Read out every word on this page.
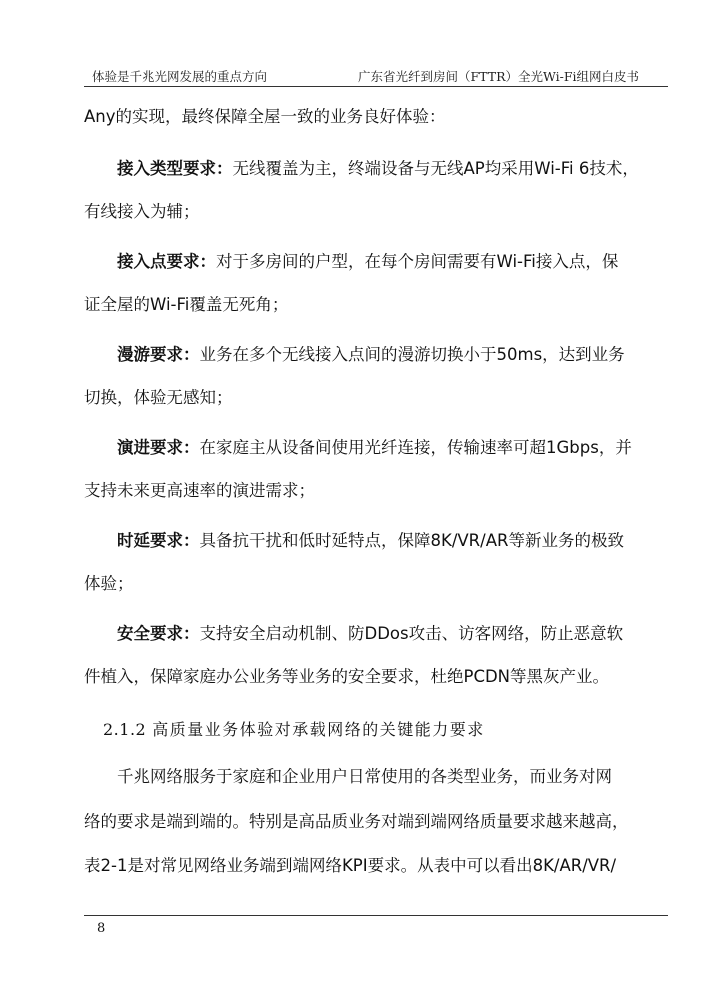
体验是千兆光网发展的重点方向	广东省光纤到房间（FTTR）全光Wi-Fi组网白皮书
Any的实现，最终保障全屋一致的业务良好体验：
接入类型要求：无线覆盖为主，终端设备与无线AP均采用Wi-Fi 6技术，
有线接入为辅；
接入点要求：对于多房间的户型，在每个房间需要有Wi-Fi接入点，保
证全屋的Wi-Fi覆盖无死角；
漫游要求：业务在多个无线接入点间的漫游切换小于50ms，达到业务
切换，体验无感知；
演进要求：在家庭主从设备间使用光纤连接，传输速率可超1Gbps，并
支持未来更高速率的演进需求；
时延要求：具备抗干扰和低时延特点，保障8K/VR/AR等新业务的极致
体验；
安全要求：支持安全启动机制、防DDos攻击、访客网络，防止恶意软
件植入，保障家庭办公业务等业务的安全要求，杜绝PCDN等黑灰产业。
2.1.2 高质量业务体验对承载网络的关键能力要求
千兆网络服务于家庭和企业用户日常使用的各类型业务，而业务对网
络的要求是端到端的。特别是高品质业务对端到端网络质量要求越来越高，
表2-1是对常见网络业务端到端网络KPI要求。从表中可以看出8K/AR/VR/
8
